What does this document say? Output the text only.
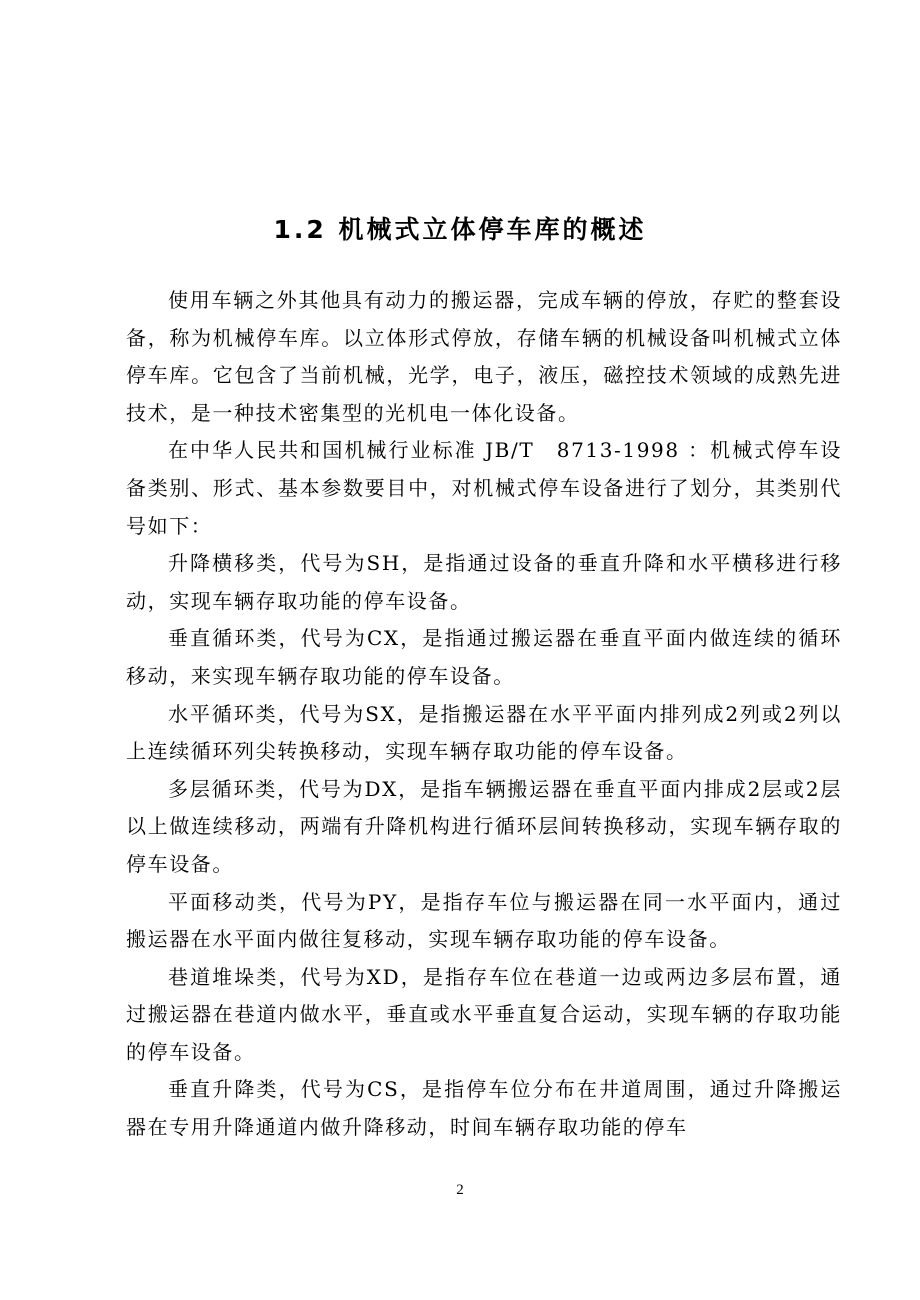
1.2 机械式立体停车库的概述

使用车辆之外其他具有动力的搬运器，完成车辆的停放，存贮的整套设备，称为机械停车库。以立体形式停放，存储车辆的机械设备叫机械式立体停车库。它包含了当前机械，光学，电子，液压，磁控技术领域的成熟先进技术，是一种技术密集型的光机电一体化设备。

在中华人民共和国机械行业标准 JB/T　8713-1998 ：机械式停车设备类别、形式、基本参数要目中，对机械式停车设备进行了划分，其类别代号如下：

升降横移类，代号为SH，是指通过设备的垂直升降和水平横移进行移动，实现车辆存取功能的停车设备。

垂直循环类，代号为CX，是指通过搬运器在垂直平面内做连续的循环移动，来实现车辆存取功能的停车设备。

水平循环类，代号为SX，是指搬运器在水平平面内排列成2列或2列以上连续循环列尖转换移动，实现车辆存取功能的停车设备。

多层循环类，代号为DX，是指车辆搬运器在垂直平面内排成2层或2层以上做连续移动，两端有升降机构进行循环层间转换移动，实现车辆存取的停车设备。

平面移动类，代号为PY，是指存车位与搬运器在同一水平面内，通过搬运器在水平面内做往复移动，实现车辆存取功能的停车设备。

巷道堆垛类，代号为XD，是指存车位在巷道一边或两边多层布置，通过搬运器在巷道内做水平，垂直或水平垂直复合运动，实现车辆的存取功能的停车设备。

垂直升降类，代号为CS，是指停车位分布在井道周围，通过升降搬运器在专用升降通道内做升降移动，时间车辆存取功能的停车

2
